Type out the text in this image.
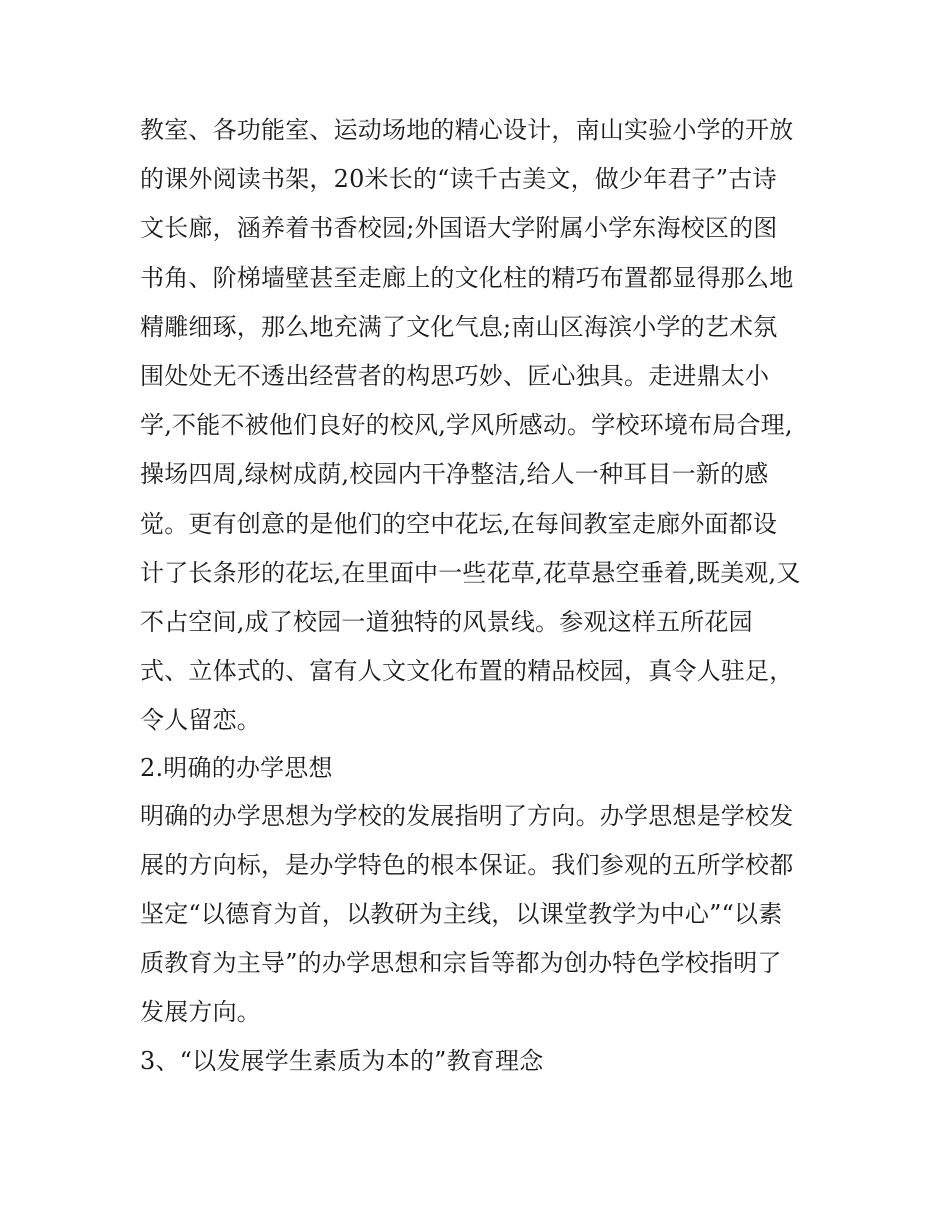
教室、各功能室、运动场地的精心设计，南山实验小学的开放
的课外阅读书架，20米长的“读千古美文，做少年君子”古诗
文长廊，涵养着书香校园;外国语大学附属小学东海校区的图
书角、阶梯墙壁甚至走廊上的文化柱的精巧布置都显得那么地
精雕细琢，那么地充满了文化气息;南山区海滨小学的艺术氛
围处处无不透出经营者的构思巧妙、匠心独具。走进鼎太小
学,不能不被他们良好的校风,学风所感动。学校环境布局合理,
操场四周,绿树成荫,校园内干净整洁,给人一种耳目一新的感
觉。更有创意的是他们的空中花坛,在每间教室走廊外面都设
计了长条形的花坛,在里面中一些花草,花草悬空垂着,既美观,又
不占空间,成了校园一道独特的风景线。参观这样五所花园
式、立体式的、富有人文文化布置的精品校园，真令人驻足，
令人留恋。
2.明确的办学思想
明确的办学思想为学校的发展指明了方向。办学思想是学校发
展的方向标，是办学特色的根本保证。我们参观的五所学校都
坚定“以德育为首，以教研为主线，以课堂教学为中心”“以素
质教育为主导”的办学思想和宗旨等都为创办特色学校指明了
发展方向。
3、“以发展学生素质为本的”教育理念
